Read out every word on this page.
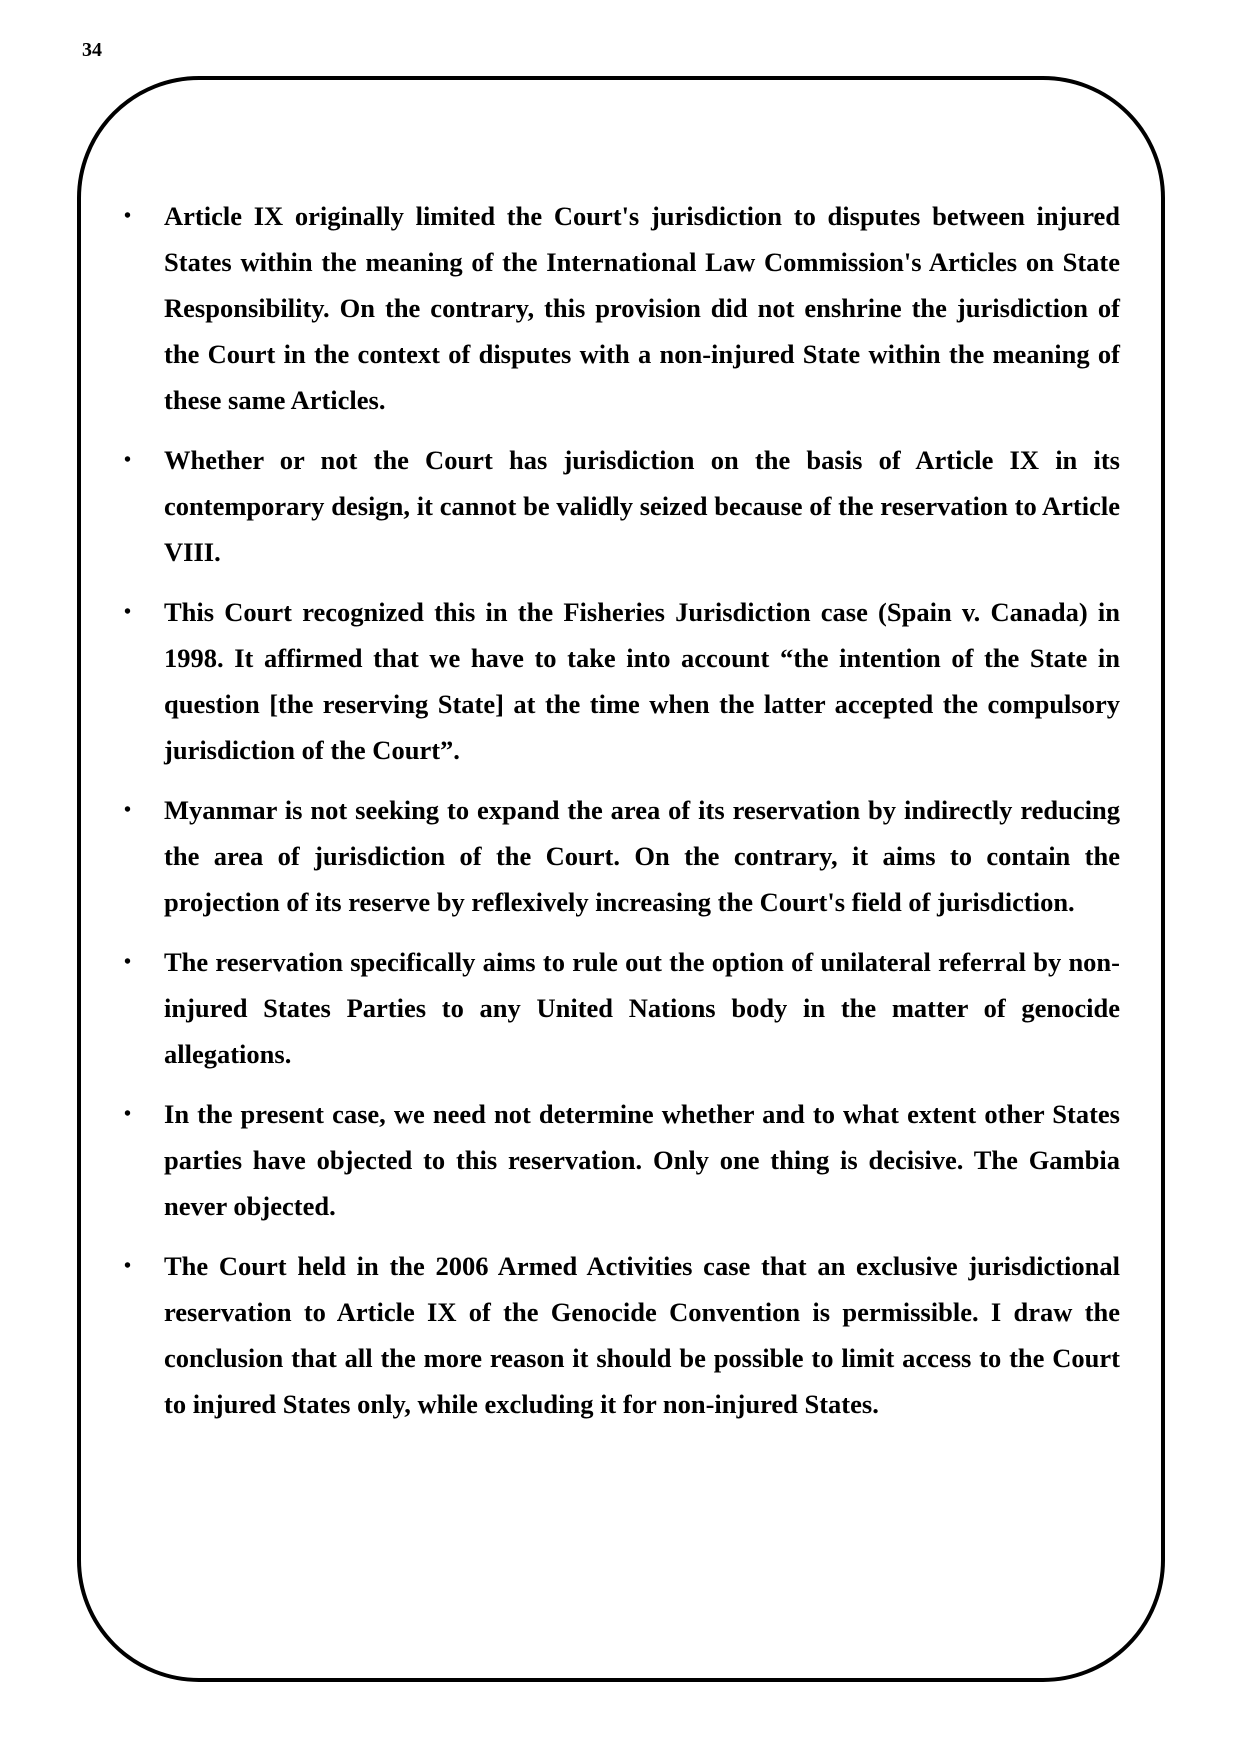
34
•	Article IX originally limited the Court's jurisdiction to disputes between injured States within the meaning of the International Law Commission's Articles on State Responsibility. On the contrary, this provision did not enshrine the jurisdiction of the Court in the context of disputes with a non-injured State within the meaning of these same Articles.
•	Whether or not the Court has jurisdiction on the basis of Article IX in its contemporary design, it cannot be validly seized because of the reservation to Article VIII.
•	This Court recognized this in the Fisheries Jurisdiction case (Spain v. Canada) in 1998. It affirmed that we have to take into account “the intention of the State in question [the reserving State] at the time when the latter accepted the compulsory jurisdiction of the Court”.
•	Myanmar is not seeking to expand the area of its reservation by indirectly reducing the area of jurisdiction of the Court. On the contrary, it aims to contain the projection of its reserve by reflexively increasing the Court's field of jurisdiction.
•	The reservation specifically aims to rule out the option of unilateral referral by non-injured States Parties to any United Nations body in the matter of genocide allegations.
•	In the present case, we need not determine whether and to what extent other States parties have objected to this reservation. Only one thing is decisive. The Gambia never objected.
•	The Court held in the 2006 Armed Activities case that an exclusive jurisdictional reservation to Article IX of the Genocide Convention is permissible. I draw the conclusion that all the more reason it should be possible to limit access to the Court to injured States only, while excluding it for non-injured States.
